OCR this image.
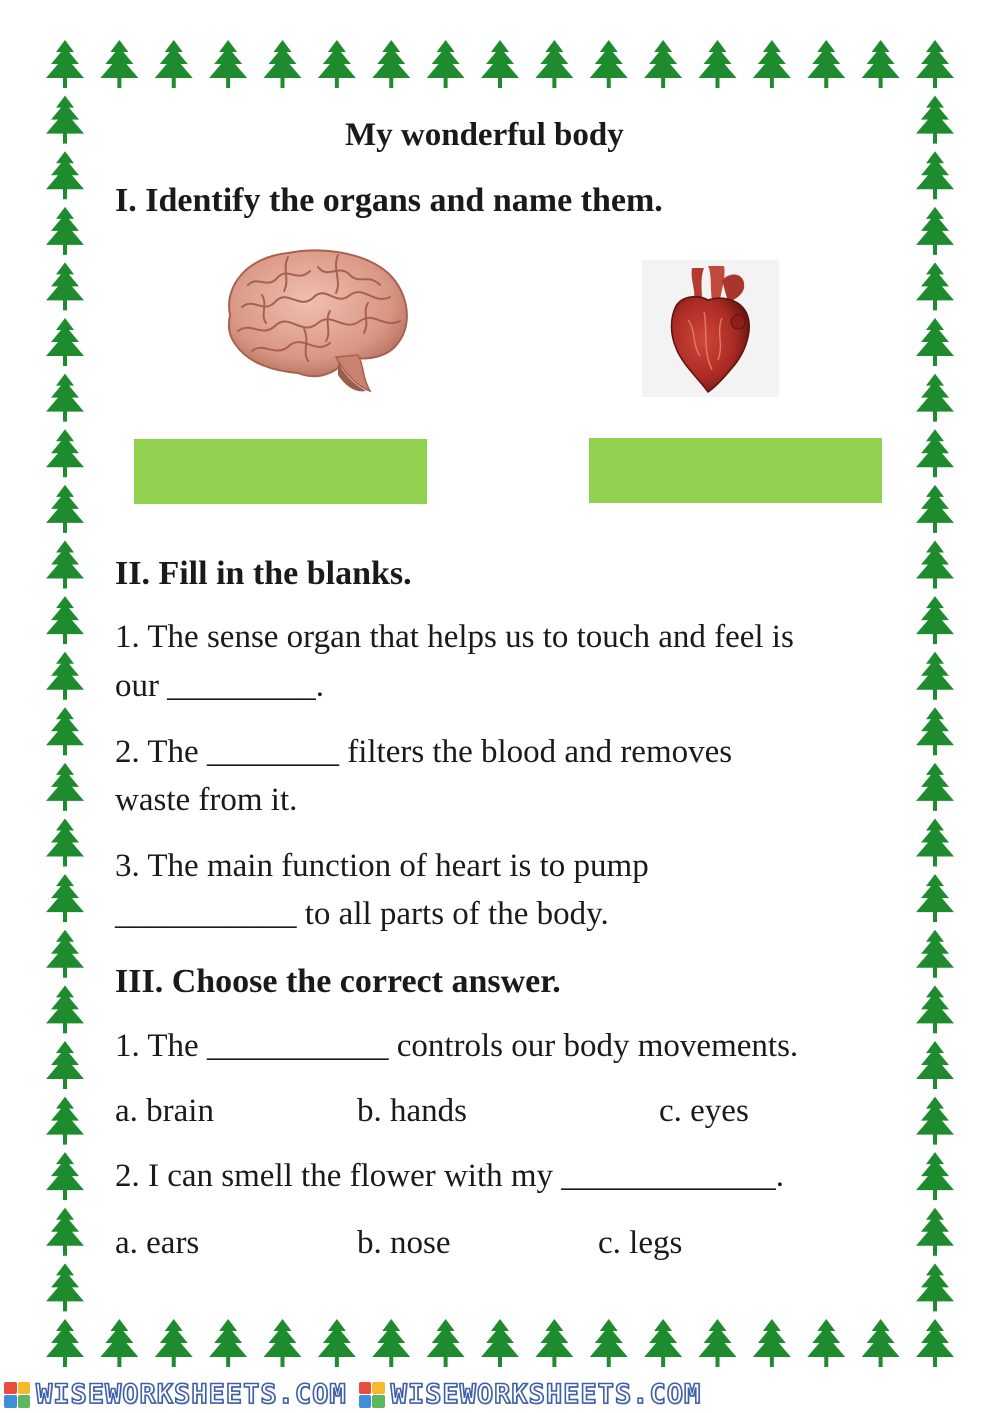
My wonderful body
I. Identify the organs and name them.
II. Fill in the blanks.
1. The sense organ that helps us to touch and feel is
our _________.
2. The ________ filters the blood and removes
waste from it.
3. The main function of heart is to pump
___________ to all parts of the body.
III. Choose the correct answer.
1. The ___________ controls our body movements.
a. brain	b. hands	c. eyes
2. I can smell the flower with my _____________.
a. ears	b. nose	c. legs
WISEWORKSHEETS.COM WISEWORKSHEETS.COM
